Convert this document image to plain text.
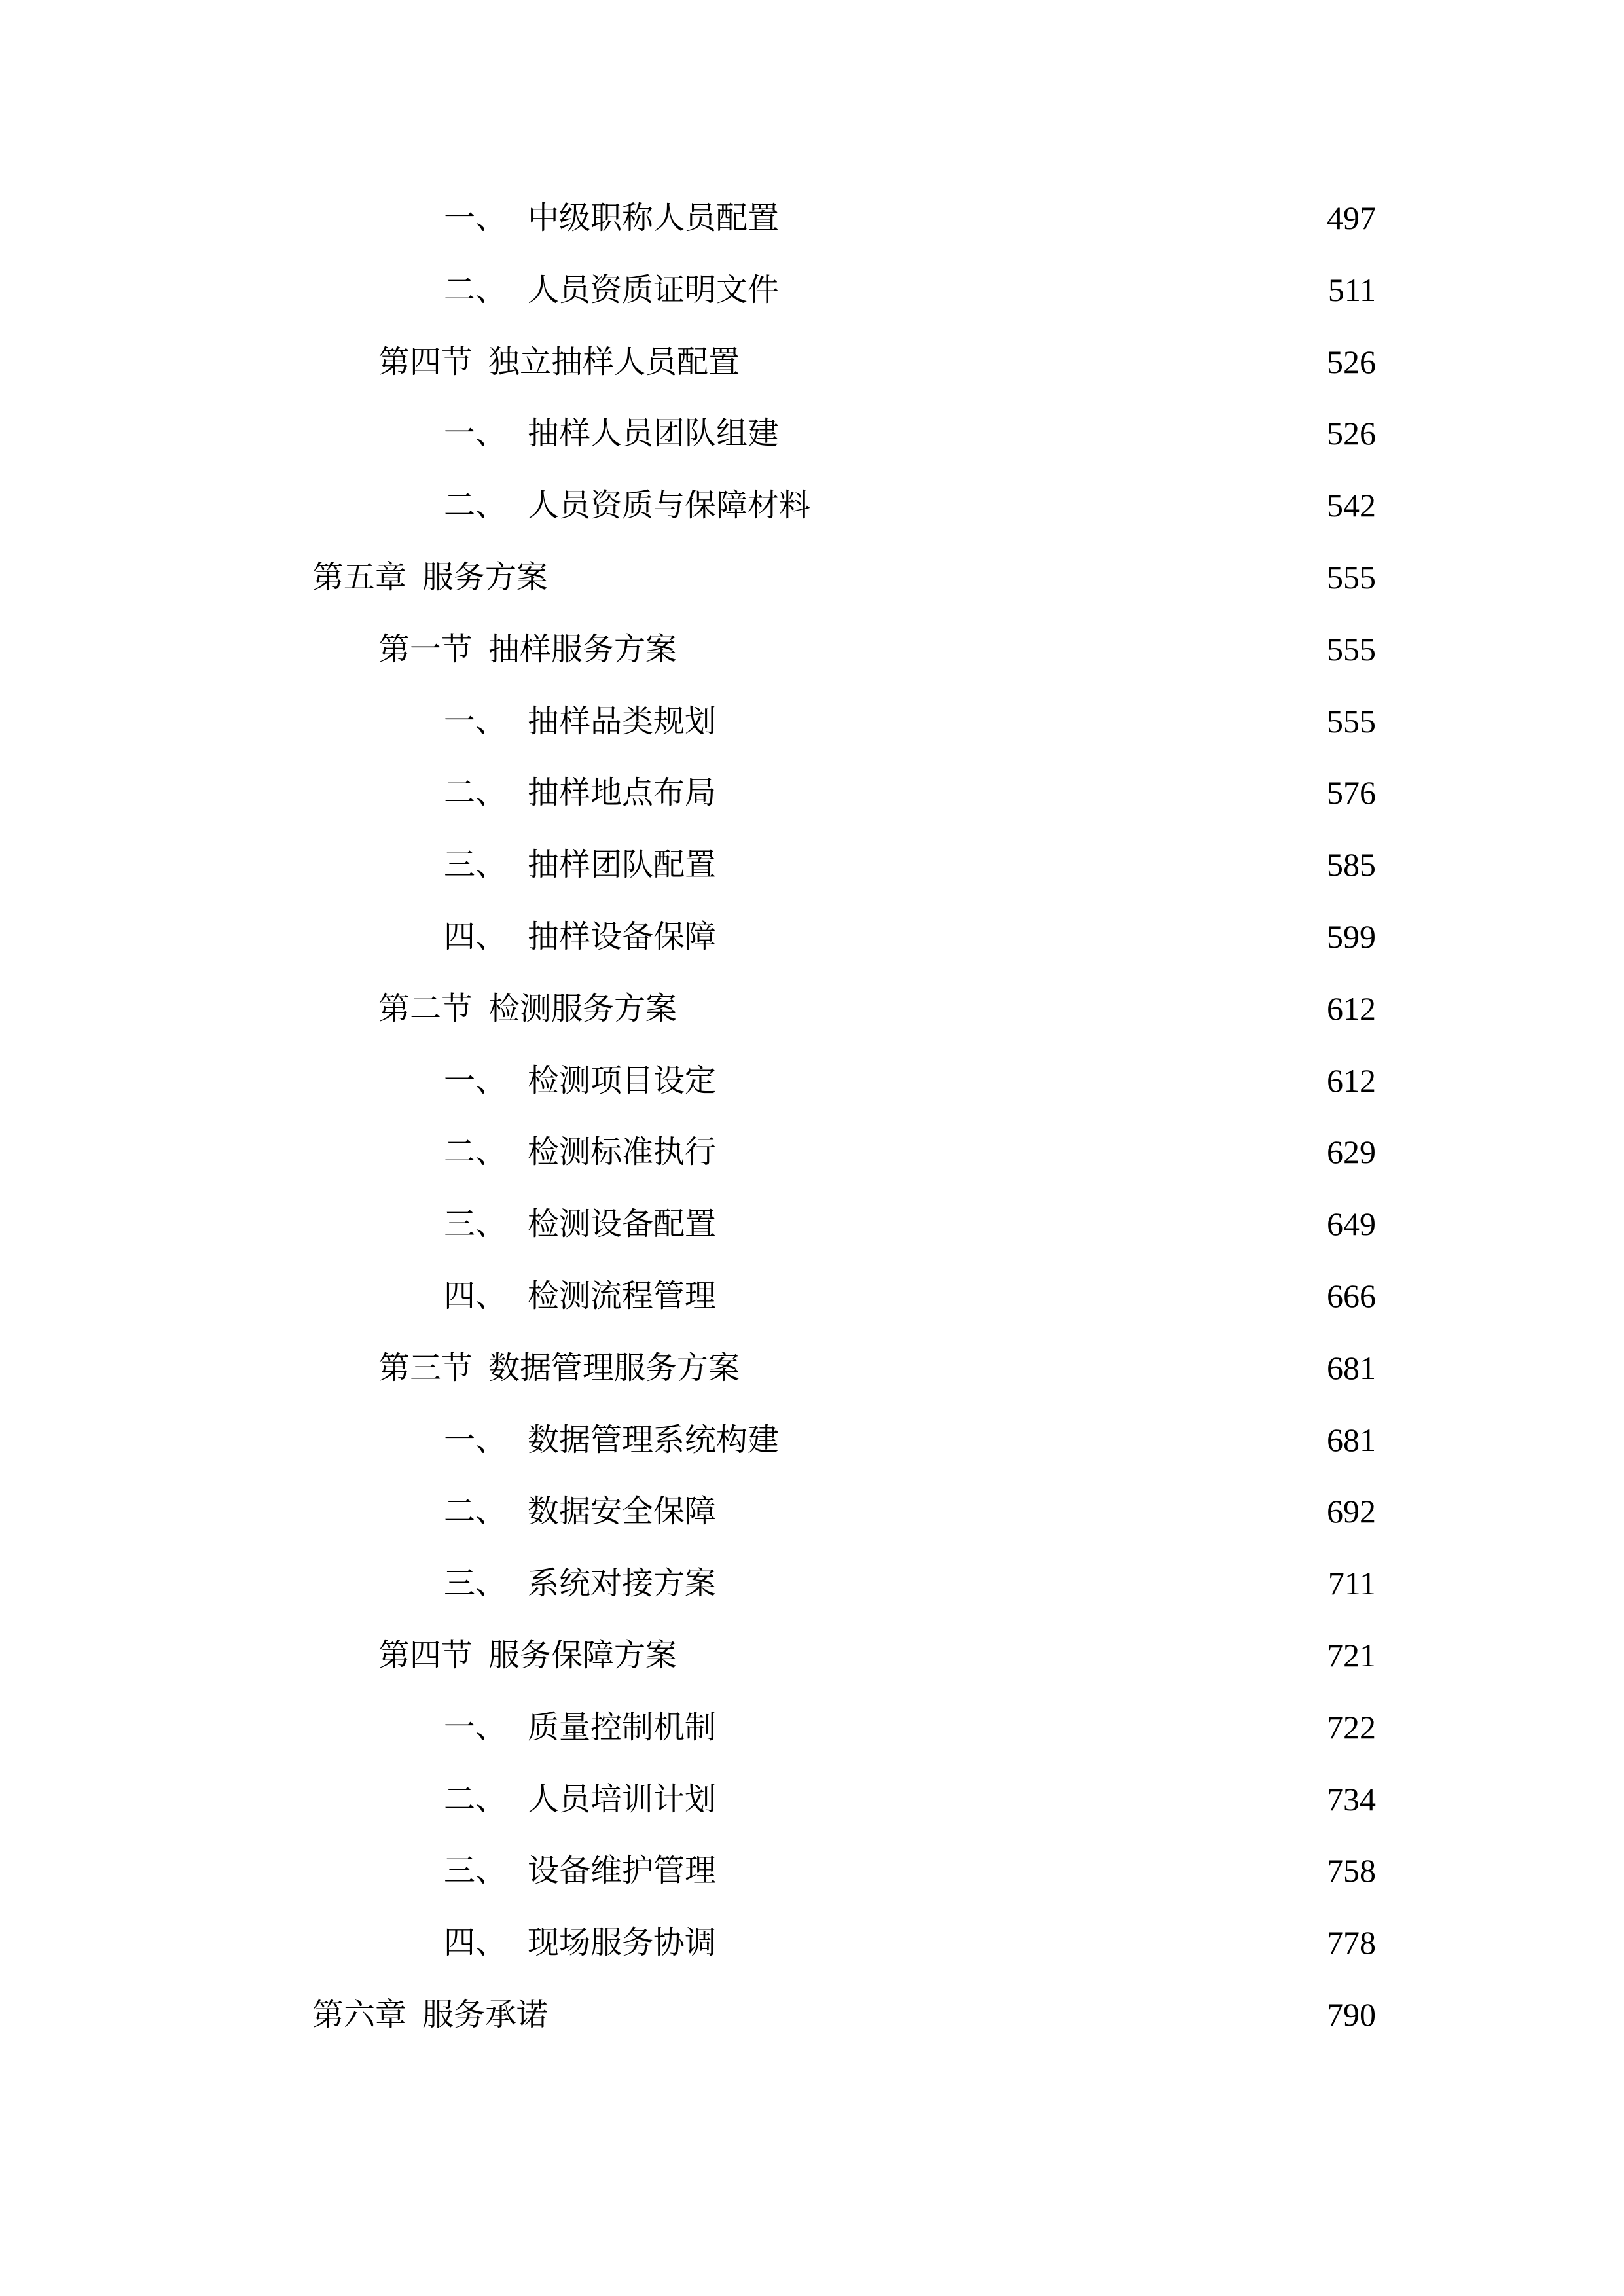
一、 中级职称人员配置	497
二、 人员资质证明文件	511
第四节 独立抽样人员配置	526
一、 抽样人员团队组建	526
二、 人员资质与保障材料	542
第五章 服务方案	555
第一节 抽样服务方案	555
一、 抽样品类规划	555
二、 抽样地点布局	576
三、 抽样团队配置	585
四、 抽样设备保障	599
第二节 检测服务方案	612
一、 检测项目设定	612
二、 检测标准执行	629
三、 检测设备配置	649
四、 检测流程管理	666
第三节 数据管理服务方案	681
一、 数据管理系统构建	681
二、 数据安全保障	692
三、 系统对接方案	711
第四节 服务保障方案	721
一、 质量控制机制	722
二、 人员培训计划	734
三、 设备维护管理	758
四、 现场服务协调	778
第六章 服务承诺	790
